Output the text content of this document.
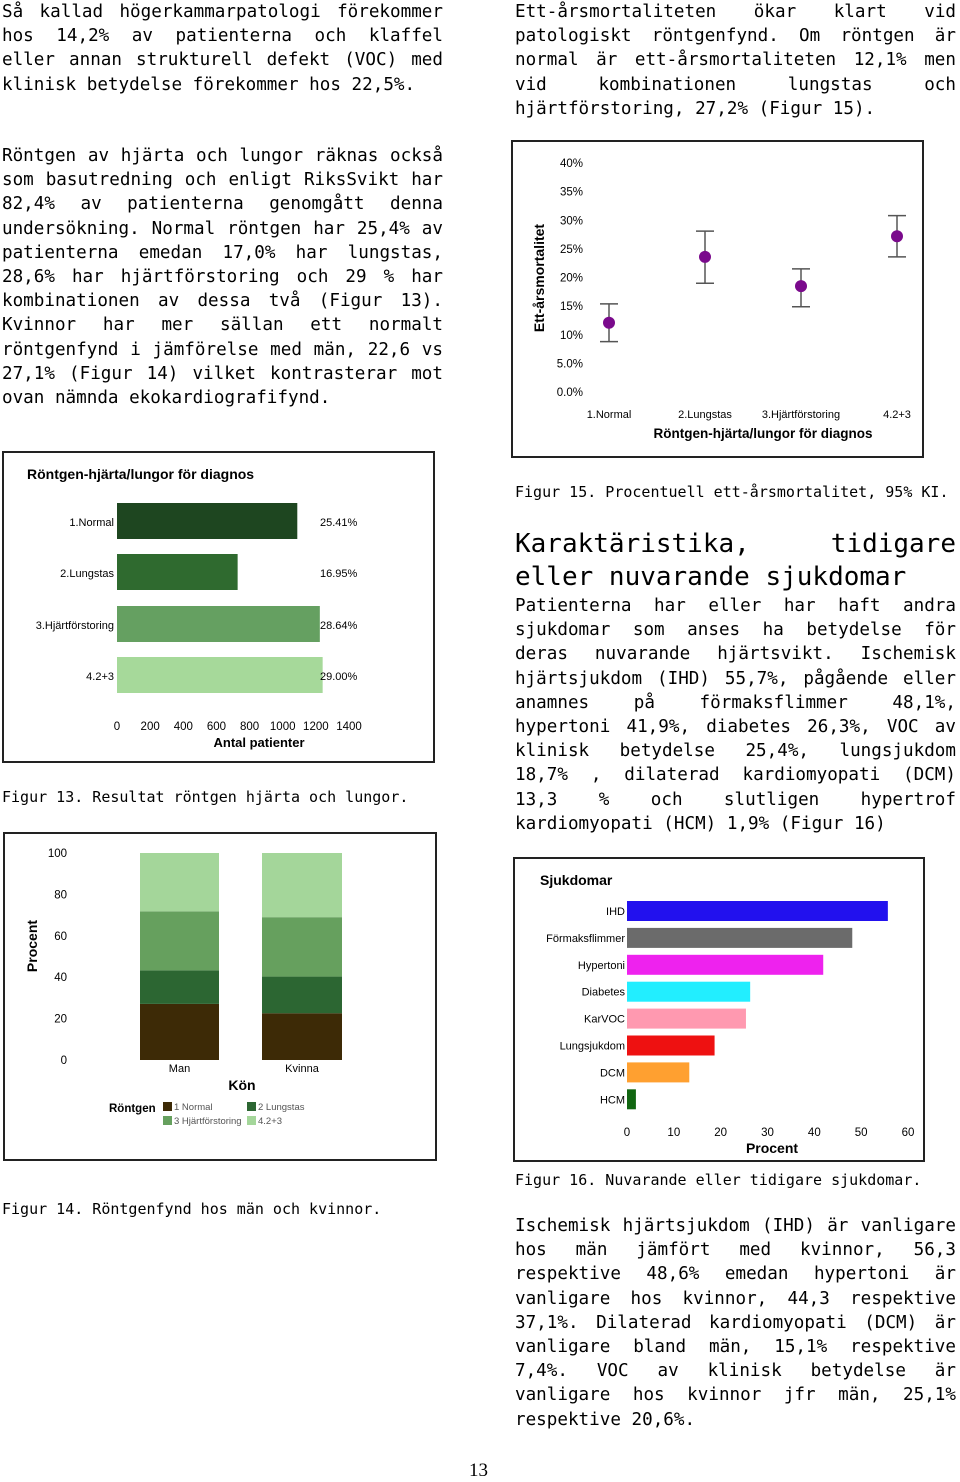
Så kallad högerkammarpatologi förekommer hos 14,2% av patienterna och klaffel eller annan strukturell defekt (VOC) med klinisk betydelse förekommer hos 22,5%.

Röntgen av hjärta och lungor räknas också som basutredning och enligt RiksSvikt har 82,4% av patienterna genomgått denna undersökning. Normal röntgen har 25,4% av patienterna emedan 17,0% har lungstas, 28,6% har hjärtförstoring och 29 % har kombinationen av dessa två (Figur 13). Kvinnor har mer sällan ett normalt röntgenfynd i jämförelse med män, 22,6 vs 27,1% (Figur 14) vilket kontrasterar mot ovan nämnda ekokardiografifynd.

Ett-årsmortaliteten ökar klart vid patologiskt röntgenfynd. Om röntgen är normal är ett-årsmortaliteten 12,1% men vid kombinationen lungstas och hjärtförstoring, 27,2% (Figur 15).

0.0%
5.0%
10%
15%
20%
25%
30%
35%
40%
Ett-årsmortalitet
1.Normal	2.Lungstas	3.Hjärtförstoring	4.2+3
Röntgen-hjärta/lungor för diagnos

Figur 15. Procentuell ett-årsmortalitet, 95% KI.

Karaktäristika, tidigare eller nuvarande sjukdomar

Patienterna har eller har haft andra sjukdomar som anses ha betydelse för deras nuvarande hjärtsvikt. Ischemisk hjärtsjukdom (IHD) 55,7%, pågående eller anamnes på förmaksflimmer 48,1%, hypertoni 41,9%, diabetes 26,3%, VOC av klinisk betydelse 25,4%, lungsjukdom 18,7% , dilaterad kardiomyopati (DCM) 13,3 % och slutligen hypertrof kardiomyopati (HCM) 1,9% (Figur 16)

Röntgen-hjärta/lungor för diagnos
1.Normal	25.41%
2.Lungstas	16.95%
3.Hjärtförstoring	28.64%
4.2+3	29.00%
0 200 400 600 800 1000 1200 1400
Antal patienter

Figur 13. Resultat röntgen hjärta och lungor.

0
20
40
60
80
100
Procent
Man	Kvinna
Kön
Röntgen 1 Normal	2 Lungstas
3 Hjärtförstoring 4.2+3

Figur 14. Röntgenfynd hos män och kvinnor.

Sjukdomar
IHD
Förmaksflimmer
Hypertoni
Diabetes
KarVOC
Lungsjukdom
DCM
HCM
0	10	20	30	40	50	60
Procent

Figur 16. Nuvarande eller tidigare sjukdomar.

Ischemisk hjärtsjukdom (IHD) är vanligare hos män jämfört med kvinnor, 56,3 respektive 48,6% emedan hypertoni är vanligare hos kvinnor, 44,3 respektive 37,1%. Dilaterad kardiomyopati (DCM) är vanligare bland män, 15,1% respektive 7,4%. VOC av klinisk betydelse är vanligare hos kvinnor jfr män, 25,1% respektive 20,6%.

13
